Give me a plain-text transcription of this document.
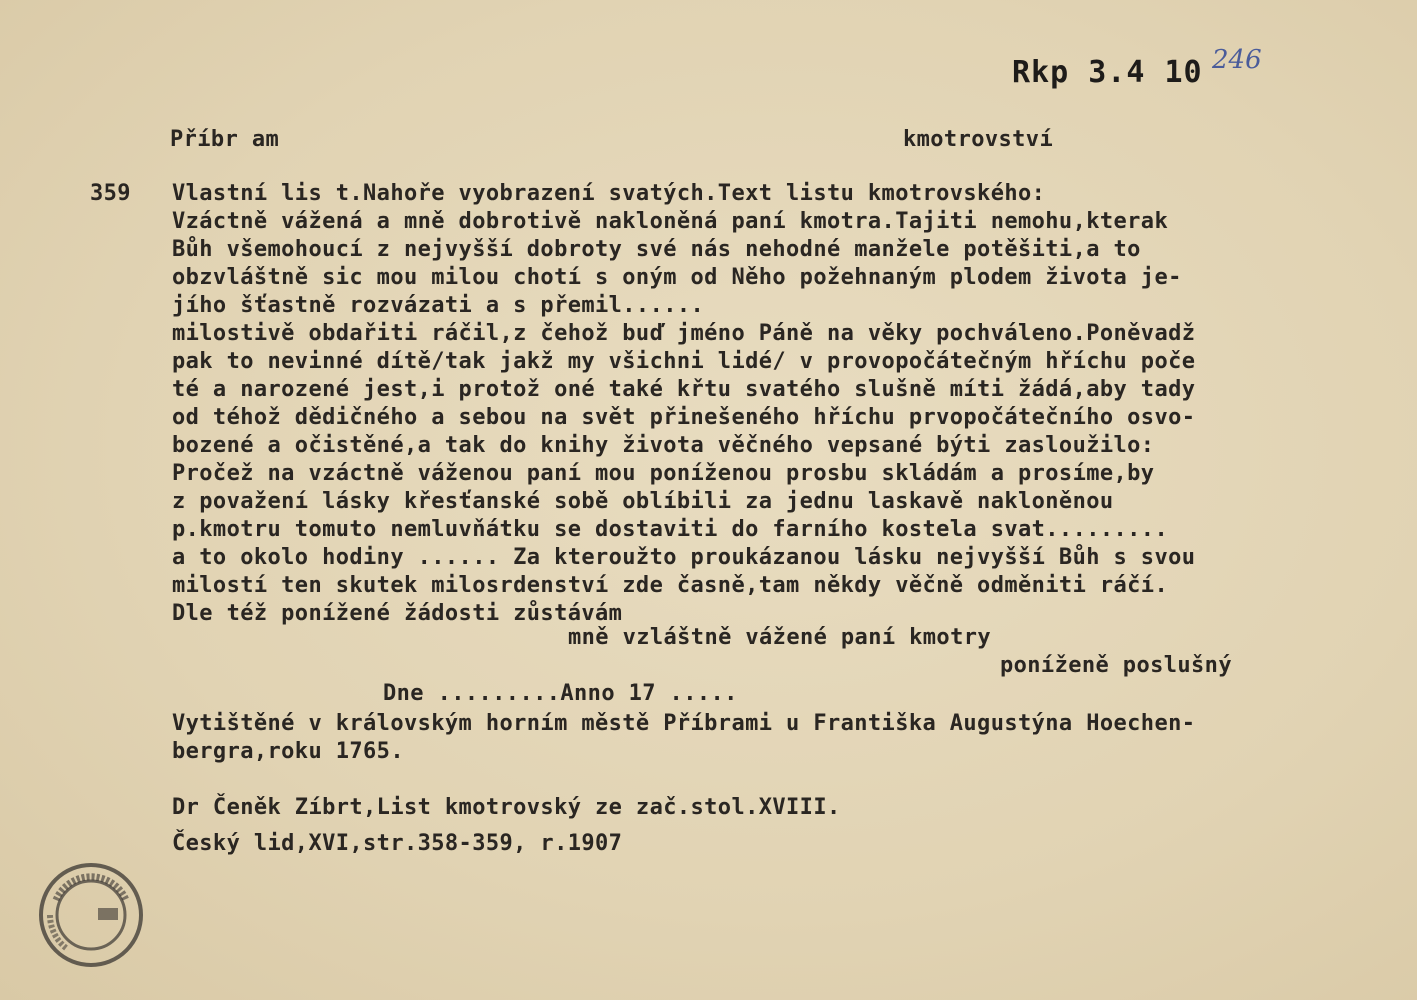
Rkp 3.4 10 246
Příbr am	kmotrovství
359 Vlastní lis t.Nahoře vyobrazení svatých.Text listu kmotrovského:
Vzáctně vážená a mně dobrotivě nakloněná paní kmotra.Tajiti nemohu,kterak
Bůh všemohoucí z nejvyšší dobroty své nás nehodné manžele potěšiti,a to
obzvláštně sic mou milou chotí s oným od Něho požehnaným plodem života je-
jího šťastně rozvázati a s přemil......
milostivě obdařiti ráčil,z čehož buď jméno Páně na věky pochváleno.Poněvadž
pak to nevinné dítě/tak jakž my všichni lidé/ v provopočátečným hříchu poče
té a narozené jest,i protož oné také křtu svatého slušně míti žádá,aby tady
od téhož dědičného a sebou na svět přinešeného hříchu prvopočátečního osvo-
bozené a očistěné,a tak do knihy života věčného vepsané býti zasloužilo:
Pročež na vzáctně váženou paní mou poníženou prosbu skládám a prosíme,by
z považení lásky křesťanské sobě oblíbili za jednu laskavě nakloněnou
p.kmotru tomuto nemluvňátku se dostaviti do farního kostela svat.........
a to okolo hodiny ...... Za kteroužto proukázanou lásku nejvyšší Bůh s svou
milostí ten skutek milosrdenství zde časně,tam někdy věčně odměniti ráčí.
Dle též ponížené žádosti zůstávám
mně vzláštně vážené paní kmotry
poníženě poslušný
Dne .........Anno 17 .....
Vytištěné v královským horním městě Příbrami u Františka Augustýna Hoechen-
bergra,roku 1765.
Dr Čeněk Zíbrt,List kmotrovský ze zač.stol.XVIII.
Český lid,XVI,str.358-359, r.1907
